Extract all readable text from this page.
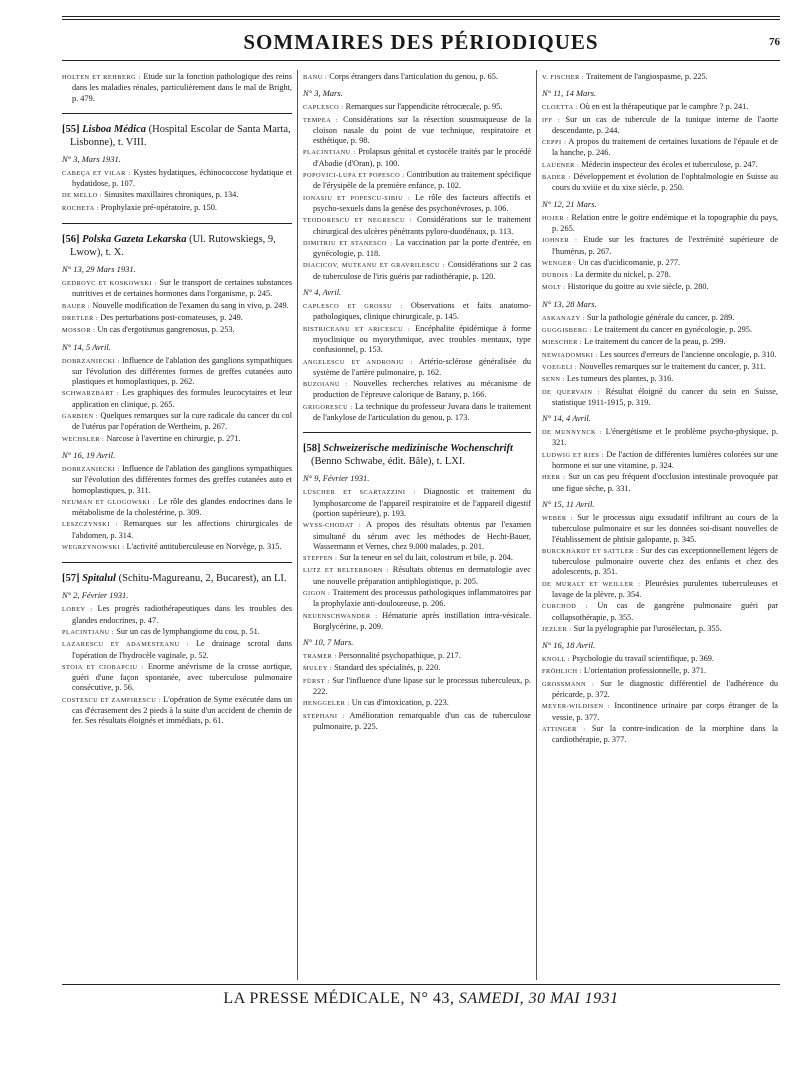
SOMMAIRES DES PÉRIODIQUES	76

HOLTEN ET REHBERG : Etude sur la fonction pathologique des reins dans les maladies rénales, particulièrement dans le mal de Bright, p. 479.

[55] Lisboa Médica (Hospital Escolar de Santa Marta, Lisbonne), t. VIII.

N° 3, Mars 1931.

CABEÇA ET VILAR : Kystes hydatiques, échinococcose hydatique et hydatidose, p. 107.

DE MELLO : Sinusites maxillaires chroniques, p. 134.

ROCHETA : Prophylaxie pré-opératoire, p. 150.

[56] Polska Gazeta Lekarska (Ul. Rutowskiegs, 9, Lwow), t. X.

N° 13, 29 Mars 1931.

GEDROYC ET KOSKOWSKI : Sur le transport de certaines substances nutritives et de certaines hormones dans l'organisme, p. 245.

BAUER : Nouvelle modification de l'examen du sang in vivo, p. 249.

DRETLER : Des perturbations post-comateuses, p. 249.

MOSSOR : Un cas d'ergotismus gangrenosus, p. 253.

N° 14, 5 Avril.

DOBRZANIECKI : Influence de l'ablation des ganglions sympathiques sur l'évolution des différentes formes de greffes cutanées auto plastiques et homoplastiques, p. 262.

SCHWARZBART : Les graphiques des formules leucocytaires et leur application en clinique, p. 265.

GARBIEN : Quelques remarques sur la cure radicale du cancer du col de l'utérus par l'opération de Wertheim, p. 267.

WECHSLER : Narcose à l'avertine en chirurgie, p. 271.

N° 16, 19 Avril.

DOBRZANIECKI : Influence de l'ablation des ganglions sympathiques sur l'évolution des différentes formes des greffes cutanées auto et homoplastiques, p. 311.

NEUMAN ET GLOGOWSKI : Le rôle des glandes endocrines dans le métabolisme de la cholestérine, p. 309.

LESZCZYNSKI : Remarques sur les affections chirurgicales de l'abdomen, p. 314.

WEGRZYNOWSKI : L'activité antituberculeuse en Norvège, p. 315.

[57] Spitalul (Schitu-Magureanu, 2, Bucarest), an LI.

N° 2, Février 1931.

LOBEY : Les progrès radiothérapeutiques dans les troubles des glandes endocrines, p. 47.

PLACINTIANU : Sur un cas de lymphangiome du cou, p. 51.

LAZARESCU ET ADAMESTEANU : Le drainage scrotal dans l'opération de l'hydrocèle vaginale, p. 52.

STOIA ET CIOBAPCIU : Enorme anévrisme de la crosse aortique, guéri d'une façon spontanée, avec tuberculose pulmonaire consécutive, p. 56.

COSTESCU ET ZAMFIRESCU : L'opération de Syme exécutée dans un cas d'écrasement des 2 pieds à la suite d'un accident de chemin de fer. Ses résultats éloignés et immédiats, p. 61.

BANU : Corps étrangers dans l'articulation du genou, p. 65.

N° 3, Mars.

CAPLESCO : Remarques sur l'appendicite rétrocæcale, p. 95.

TEMPEA : Considérations sur la résection sousmuqueuse de la cloison nasale du point de vue technique, respiratoire et esthétique, p. 98.

PLACINTIANU : Prolapsus génital et cystocèle traités par le procédé d'Abadie (d'Oran), p. 100.

POPOVICI-LUPA ET POPESCO : Contribution au traitement spécifique de l'érysipèle de la première enfance, p. 102.

IONASIU ET POPESCU-SIBIU : Le rôle des facteurs affectifs et psycho-sexuels dans la genèse des psychonévroses, p. 106.

TEODORESCU ET NEGRESCU : Considérations sur le traitement chirurgical des ulcères pénétrants pyloro-duodénaux, p. 113.

DIMITRIU ET STANESCO : La vaccination par la porte d'entrée, en gynécologie, p. 118.

DIACICOV, MUTEANU ET GRAVRILESCU : Considérations sur 2 cas de tuberculose de l'iris guéris par radiothérapie, p. 120.

N° 4, Avril.

CAPLESCO ET GROSSU : Observations et faits anatomo-pathologiques, clinique chirurgicale, p. 145.

BISTRICEANU ET ARICESCU : Encéphalite épidémique à forme myoclinique ou myorythmique, avec troubles mentaux, type confusionnel, p. 153.

ANGELESCU ET ANDRONIU : Artério-sclérose généralisée du système de l'artère pulmonaire, p. 162.

BUZOIANU : Nouvelles recherches relatives au mécanisme de production de l'épreuve calorique de Barany, p. 166.

GRIGORESCU : La technique du professeur Juvara dans le traitement de l'ankylose de l'articulation du genou, p. 173.

[58] Schweizerische medizinische Wochenschrift (Benno Schwabe, édit. Bâle), t. LXI.

N° 9, Février 1931.

LÜSCHER ET SCARTAZZINI : Diagnostic et traitement du lymphosarcome de l'appareil respiratoire et de l'appareil digestif (portion supérieure), p. 193.

WYSS-CHODAT : A propos des résultats obtenus par l'examen simultané du sérum avec les méthodes de Hecht-Bauer, Wassermann et Vernes, chez 9.000 malades, p. 201.

STEFFEN : Sur la teneur en sel du lait, colostrum et bile, p. 204.

LUTZ ET BELTERBORN : Résultats obtenus en dermatologie avec une nouvelle préparation antiphlogistique, p. 205.

GIGON : Traitement des processus pathologiques inflammatoires par la prophylaxie anti-douloureuse, p. 206.

NEUENSCHWANDER : Hématurie après instillation intra-vésicale. Borglycérine, p. 209.

N° 10, 7 Mars.

TRAMER : Personnalité psychopathique, p. 217.

MULEY : Standard des spécialités, p. 220.

FÜRST : Sur l'influence d'une lipase sur le processus tuberculeux, p. 222.

HENGGELER : Un cas d'intoxication, p. 223.

STEPHANI : Amélioration remarquable d'un cas de tuberculose pulmonaire, p. 225.

V. FISCHER : Traitement de l'angiospasme, p. 225.

N° 11, 14 Mars.

CLOETTA : Où en est la thérapeutique par le camphre ? p. 241.

IFF : Sur un cas de tubercule de la tunique interne de l'aorte descendante, p. 244.

CEPPI : A propos du traitement de certaines luxations de l'épaule et de la hanche, p. 246.

LAUENER : Médecin inspecteur des écoles et tuberculose, p. 247.

BADER : Développement et évolution de l'ophtalmologie en Suisse au cours du xviiie et du xixe siècle, p. 250.

N° 12, 21 Mars.

HOJER : Relation entre le goitre endémique et la topographie du pays, p. 265.

JOHNER : Etude sur les fractures de l'extrémité supérieure de l'humérus, p. 267.

WENGER : Un cas d'acidicomanie, p. 277.

DUBOIS : La dermite du nickel, p. 278.

MOLT : Historique du goitre au xvie siècle, p. 280.

N° 13, 28 Mars.

ASKANAZY : Sur la pathologie générale du cancer, p. 289.

GUGGISBERG : Le traitement du cancer en gynécologie, p. 295.

MIESCHER : Le traitement du cancer de la peau, p. 299.

NEWIADOMSKI : Les sources d'erreurs de l'ancienne oncologie, p. 310.

VOEGELI : Nouvelles remarques sur le traitement du cancer, p. 311.

SENN : Les tumeurs des plantes, p. 316.

DE QUERVAIN : Résultat éloigné du cancer du sein en Suisse, statistique 1911-1915, p. 319.

N° 14, 4 Avril.

DE MUNNYNCK : L'énergétisme et le problème psycho-physique, p. 321.

LUDWIG ET RIES : De l'action de différentes lumières colorées sur une hormone et sur une vitamine, p. 324.

HEER : Sur un cas peu fréquent d'occlusion intestinale provoquée par une figue sèche, p. 331.

N° 15, 11 Avril.

WEBER : Sur le processus aigu exsudatif infiltrant au cours de la tuberculose pulmonaire et sur les données soi-disant nouvelles de l'établissement de phtisie galopante, p. 345.

BURCKHARDT ET SATTLER : Sur des cas exceptionnellement légers de tuberculose pulmonaire ouverte chez des enfants et chez des adolescents, p. 351.

DE MURALT ET WEILLER : Pleurésies purulentes tuberculeuses et lavage de la plèvre, p. 354.

CURCHOD : Un cas de gangrène pulmonaire guéri par collapsothérapie, p. 355.

JEZLER : Sur la pyélographie par l'urosélectan, p. 355.

N° 16, 18 Avril.

KNOLL : Psychologie du travail scientifique, p. 369.

FRÖHLICH : L'orientation professionnelle, p. 371.

GROSSMANN : Sur le diagnostic différentiel de l'adhérence du péricarde, p. 372.

MEYER-WILDISEN : Incontinence urinaire par corps étranger de la vessie, p. 377.

ATTINGER : Sur la contre-indication de la morphine dans la cardiothérapie, p. 377.

LA PRESSE MÉDICALE, N° 43, SAMEDI, 30 MAI 1931
